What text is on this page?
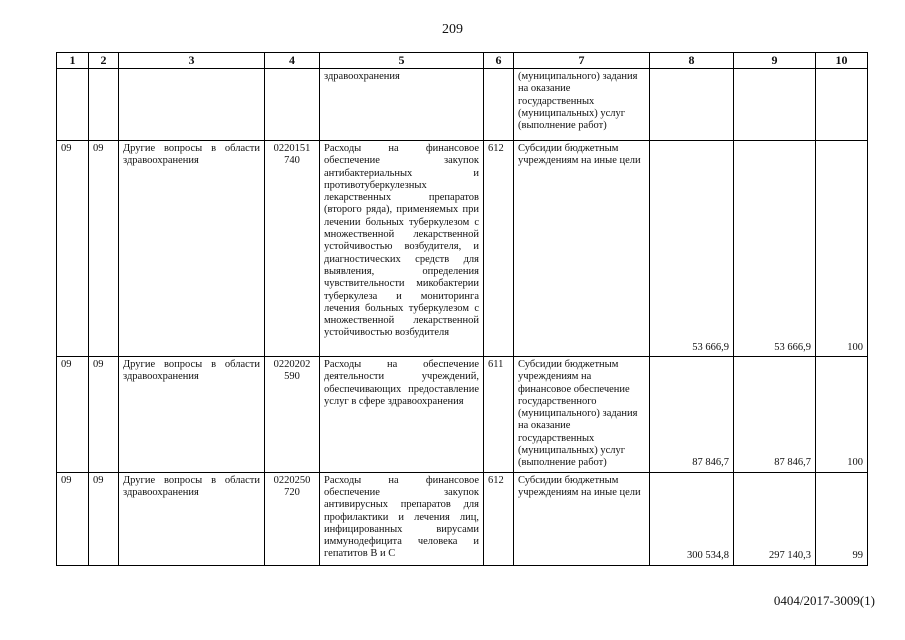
209
1	2	3	4	5	6	7	8	9	10
				здравоохранения		(муниципального) задания на оказание государственных (муниципальных) услуг (выполнение работ)			
09	09	Другие вопросы в области здравоохранения	0220151 740	Расходы на финансовое обеспечение закупок антибактериальных и противотуберкулезных лекарственных препаратов (второго ряда), применяемых при лечении больных туберкулезом с множественной лекарственной устойчивостью возбудителя, и диагностических средств для выявления, определения чувствительности микобактерии туберкулеза и мониторинга лечения больных туберкулезом с множественной лекарственной устойчивостью возбудителя	612	Субсидии бюджетным учреждениям на иные цели	53 666,9	53 666,9	100
09	09	Другие вопросы в области здравоохранения	0220202 590	Расходы на обеспечение деятельности учреждений, обеспечивающих предоставление услуг в сфере здравоохранения	611	Субсидии бюджетным учреждениям на финансовое обеспечение государственного (муниципального) задания на оказание государственных (муниципальных) услуг (выполнение работ)	87 846,7	87 846,7	100
09	09	Другие вопросы в области здравоохранения	0220250 720	Расходы на финансовое обеспечение закупок антивирусных препаратов для профилактики и лечения лиц, инфицированных вирусами иммунодефицита человека и гепатитов В и С	612	Субсидии бюджетным учреждениям на иные цели	300 534,8	297 140,3	99
0404/2017-3009(1)
